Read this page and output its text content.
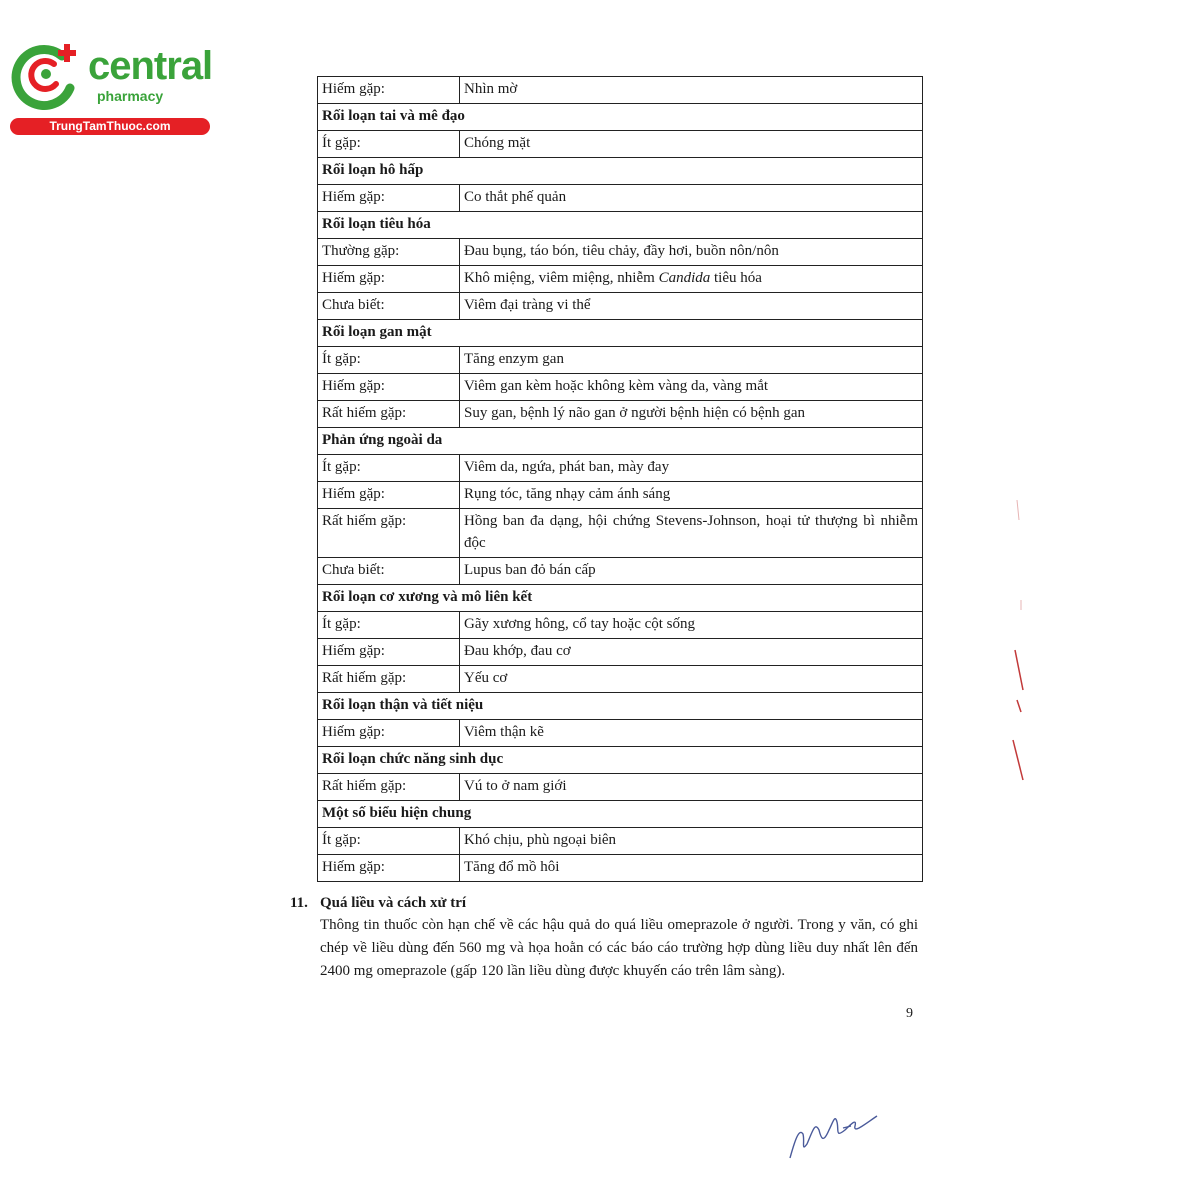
central
pharmacy
TrungTamThuoc.com
Hiếm gặp:	Nhìn mờ
Rối loạn tai và mê đạo	
Ít gặp:	Chóng mặt
Rối loạn hô hấp	
Hiếm gặp:	Co thắt phế quản
Rối loạn tiêu hóa	
Thường gặp:	Đau bụng, táo bón, tiêu chảy, đầy hơi, buồn nôn/nôn
Hiếm gặp:	Khô miệng, viêm miệng, nhiễm Candida tiêu hóa
Chưa biết:	Viêm đại tràng vi thể
Rối loạn gan mật	
Ít gặp:	Tăng enzym gan
Hiếm gặp:	Viêm gan kèm hoặc không kèm vàng da, vàng mắt
Rất hiếm gặp:	Suy gan, bệnh lý não gan ở người bệnh hiện có bệnh gan
Phản ứng ngoài da	
Ít gặp:	Viêm da, ngứa, phát ban, mày đay
Hiếm gặp:	Rụng tóc, tăng nhạy cảm ánh sáng
Rất hiếm gặp:	Hồng ban đa dạng, hội chứng Stevens-Johnson, hoại tử thượng bì nhiễm độc
Chưa biết:	Lupus ban đỏ bán cấp
Rối loạn cơ xương và mô liên kết	
Ít gặp:	Gãy xương hông, cổ tay hoặc cột sống
Hiếm gặp:	Đau khớp, đau cơ
Rất hiếm gặp:	Yếu cơ
Rối loạn thận và tiết niệu	
Hiếm gặp:	Viêm thận kẽ
Rối loạn chức năng sinh dục	
Rất hiếm gặp:	Vú to ở nam giới
Một số biểu hiện chung	
Ít gặp:	Khó chịu, phù ngoại biên
Hiếm gặp:	Tăng đổ mồ hôi
11. Quá liều và cách xử trí
Thông tin thuốc còn hạn chế về các hậu quả do quá liều omeprazole ở người. Trong y văn, có ghi chép về liều dùng đến 560 mg và họa hoằn có các báo cáo trường hợp dùng liều duy nhất lên đến 2400 mg omeprazole (gấp 120 lần liều dùng được khuyến cáo trên lâm sàng).
9
